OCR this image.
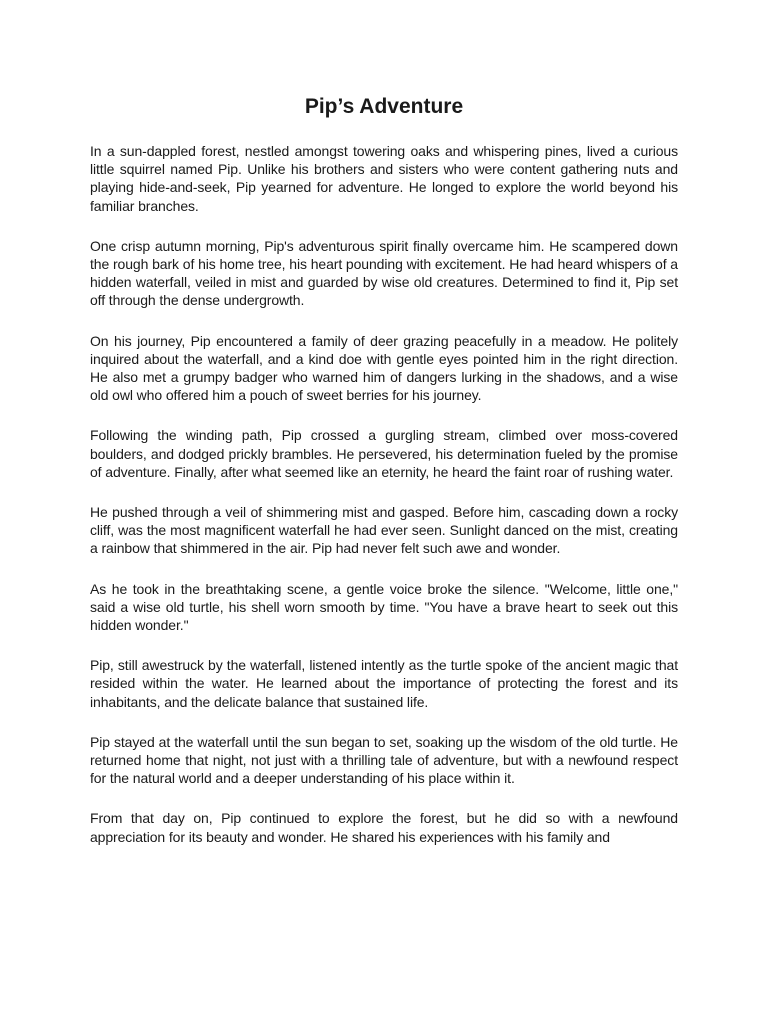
Pip’s Adventure

In a sun-dappled forest, nestled amongst towering oaks and whispering pines, lived a curious little squirrel named Pip. Unlike his brothers and sisters who were content gathering nuts and playing hide-and-seek, Pip yearned for adventure. He longed to explore the world beyond his familiar branches.

One crisp autumn morning, Pip's adventurous spirit finally overcame him. He scampered down the rough bark of his home tree, his heart pounding with excitement. He had heard whispers of a hidden waterfall, veiled in mist and guarded by wise old creatures. Determined to find it, Pip set off through the dense undergrowth.

On his journey, Pip encountered a family of deer grazing peacefully in a meadow. He politely inquired about the waterfall, and a kind doe with gentle eyes pointed him in the right direction. He also met a grumpy badger who warned him of dangers lurking in the shadows, and a wise old owl who offered him a pouch of sweet berries for his journey.

Following the winding path, Pip crossed a gurgling stream, climbed over moss-covered boulders, and dodged prickly brambles. He persevered, his determination fueled by the promise of adventure. Finally, after what seemed like an eternity, he heard the faint roar of rushing water.

He pushed through a veil of shimmering mist and gasped. Before him, cascading down a rocky cliff, was the most magnificent waterfall he had ever seen. Sunlight danced on the mist, creating a rainbow that shimmered in the air. Pip had never felt such awe and wonder.

As he took in the breathtaking scene, a gentle voice broke the silence. "Welcome, little one," said a wise old turtle, his shell worn smooth by time. "You have a brave heart to seek out this hidden wonder."

Pip, still awestruck by the waterfall, listened intently as the turtle spoke of the ancient magic that resided within the water. He learned about the importance of protecting the forest and its inhabitants, and the delicate balance that sustained life.

Pip stayed at the waterfall until the sun began to set, soaking up the wisdom of the old turtle. He returned home that night, not just with a thrilling tale of adventure, but with a newfound respect for the natural world and a deeper understanding of his place within it.

From that day on, Pip continued to explore the forest, but he did so with a newfound appreciation for its beauty and wonder. He shared his experiences with his family and
